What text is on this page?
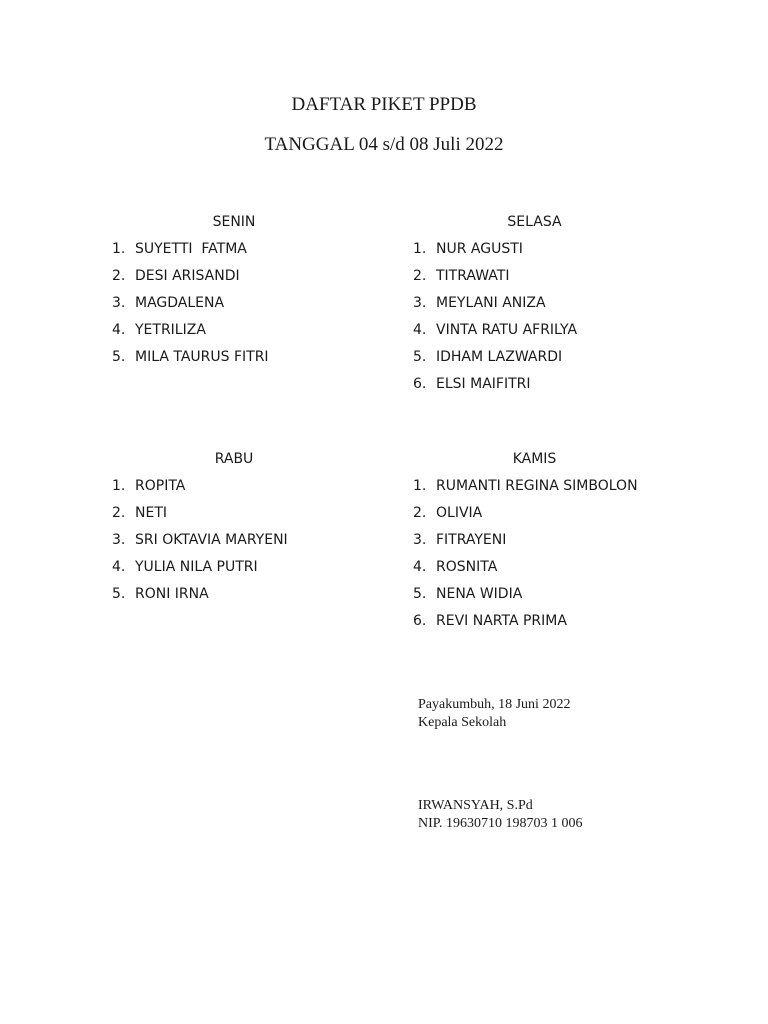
DAFTAR PIKET PPDB
TANGGAL 04 s/d 08 Juli 2022
SENIN
1. SUYETTI  FATMA
2. DESI ARISANDI
3. MAGDALENA
4. YETRILIZA
5. MILA TAURUS FITRI
SELASA
1. NUR AGUSTI
2. TITRAWATI
3. MEYLANI ANIZA
4. VINTA RATU AFRILYA
5. IDHAM LAZWARDI
6. ELSI MAIFITRI
RABU
1. ROPITA
2. NETI
3. SRI OKTAVIA MARYENI
4. YULIA NILA PUTRI
5. RONI IRNA
KAMIS
1. RUMANTI REGINA SIMBOLON
2. OLIVIA
3. FITRAYENI
4. ROSNITA
5. NENA WIDIA
6. REVI NARTA PRIMA
Payakumbuh, 18 Juni 2022
Kepala Sekolah
IRWANSYAH, S.Pd
NIP. 19630710 198703 1 006
